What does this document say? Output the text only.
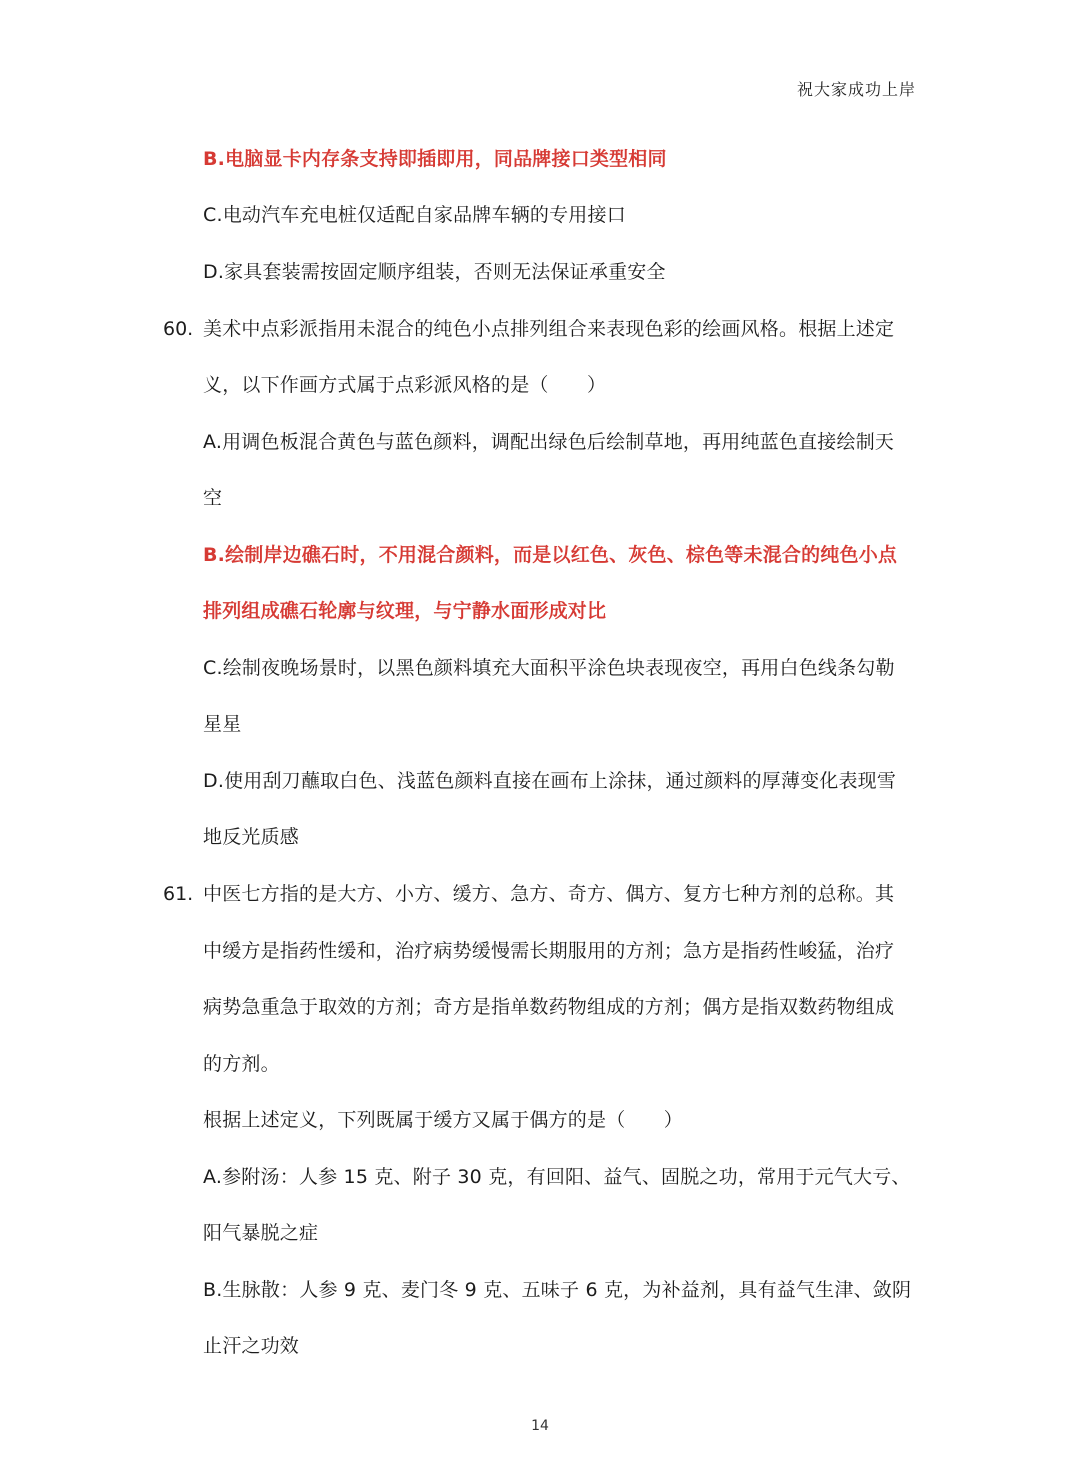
祝大家成功上岸
B.电脑显卡内存条支持即插即用，同品牌接口类型相同
C.电动汽车充电桩仅适配自家品牌车辆的专用接口
D.家具套装需按固定顺序组装，否则无法保证承重安全
60. 美术中点彩派指用未混合的纯色小点排列组合来表现色彩的绘画风格。根据上述定
义，以下作画方式属于点彩派风格的是（　　）
A.用调色板混合黄色与蓝色颜料，调配出绿色后绘制草地，再用纯蓝色直接绘制天
空
B.绘制岸边礁石时，不用混合颜料，而是以红色、灰色、棕色等未混合的纯色小点
排列组成礁石轮廓与纹理，与宁静水面形成对比
C.绘制夜晚场景时，以黑色颜料填充大面积平涂色块表现夜空，再用白色线条勾勒
星星
D.使用刮刀蘸取白色、浅蓝色颜料直接在画布上涂抹，通过颜料的厚薄变化表现雪
地反光质感
61. 中医七方指的是大方、小方、缓方、急方、奇方、偶方、复方七种方剂的总称。其
中缓方是指药性缓和，治疗病势缓慢需长期服用的方剂；急方是指药性峻猛，治疗
病势急重急于取效的方剂；奇方是指单数药物组成的方剂；偶方是指双数药物组成
的方剂。
根据上述定义，下列既属于缓方又属于偶方的是（　　）
A.参附汤：人参 15 克、附子 30 克，有回阳、益气、固脱之功，常用于元气大亏、
阳气暴脱之症
B.生脉散：人参 9 克、麦门冬 9 克、五味子 6 克，为补益剂，具有益气生津、敛阴
止汗之功效
14
